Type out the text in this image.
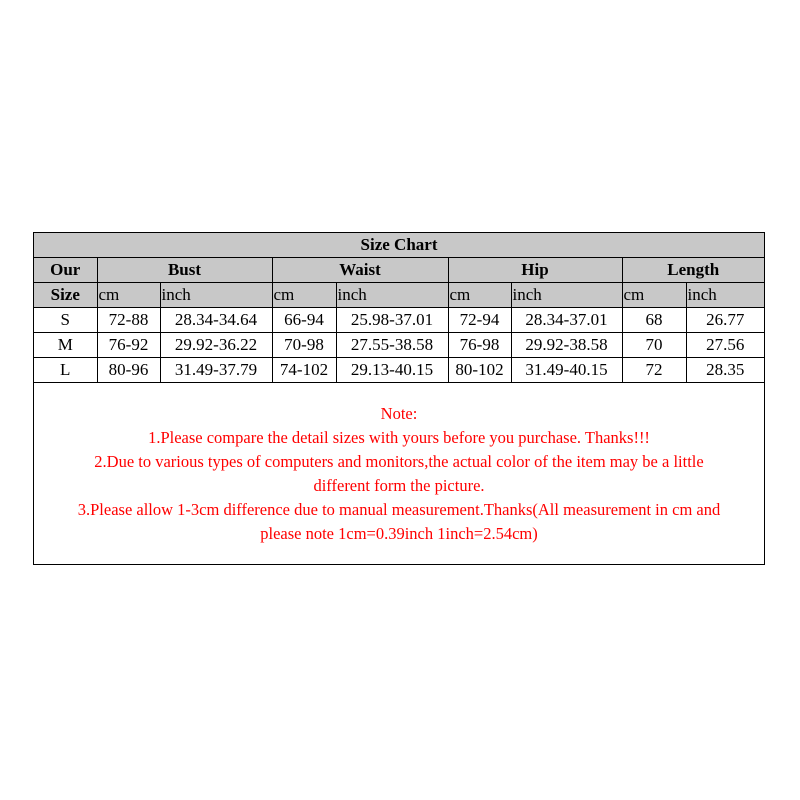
Size Chart								
Our	Bust		Waist		Hip		Length	
Size	cm	inch	cm	inch	cm	inch	cm	inch
S	72-88	28.34-34.64	66-94	25.98-37.01	72-94	28.34-37.01	68	26.77
M	76-92	29.92-36.22	70-98	27.55-38.58	76-98	29.92-38.58	70	27.56
L	80-96	31.49-37.79	74-102	29.13-40.15	80-102	31.49-40.15	72	28.35
Note:
1.Please compare the detail sizes with yours before you purchase. Thanks!!!
2.Due to various types of computers and monitors,the actual color of the item may be a little
different form the picture.
3.Please allow 1-3cm difference due to manual measurement.Thanks(All measurement in cm and
please note 1cm=0.39inch 1inch=2.54cm)
